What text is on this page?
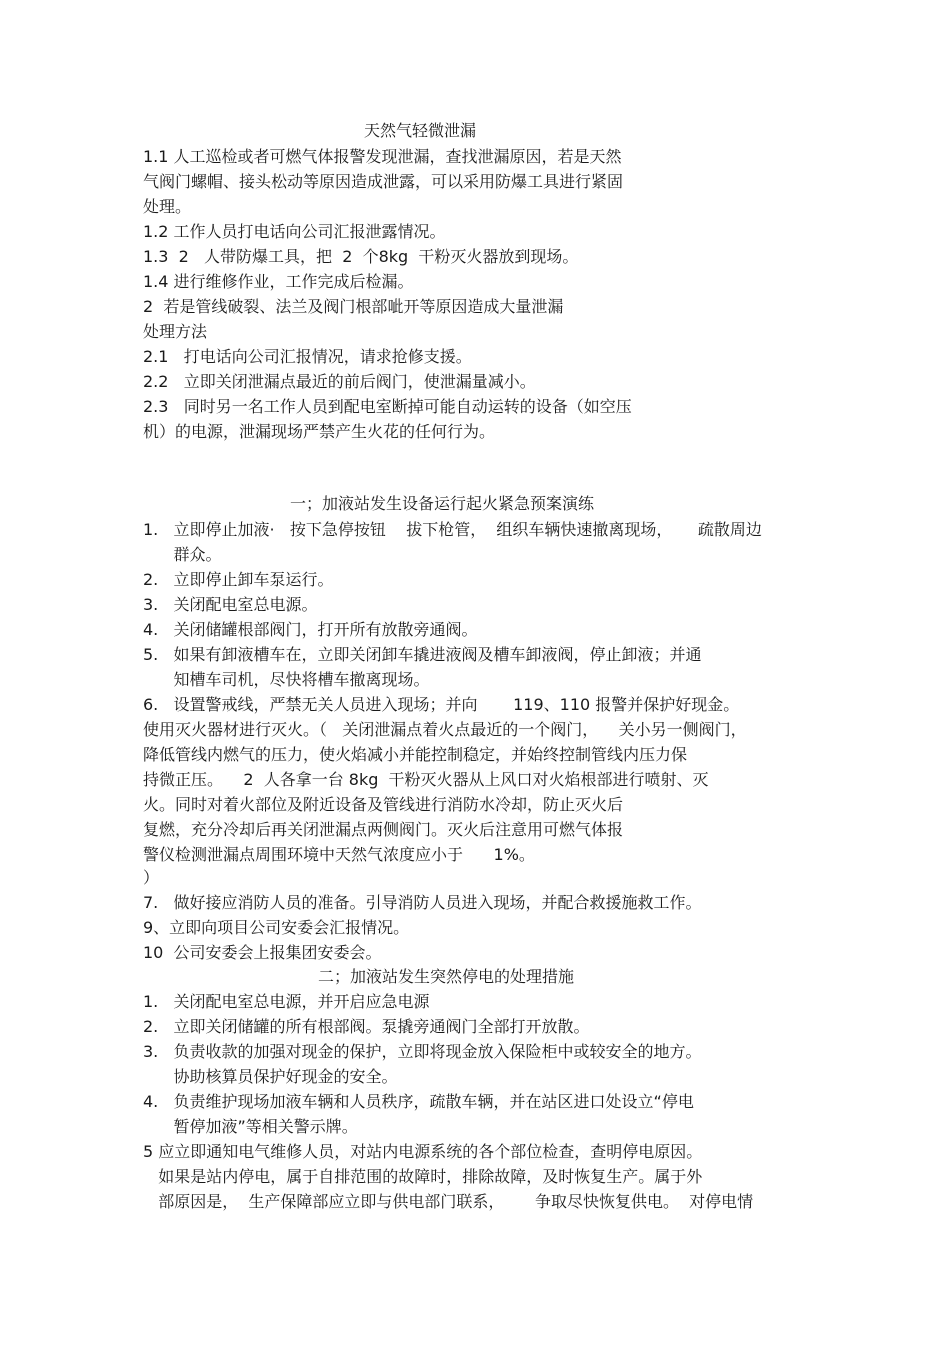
天然气轻微泄漏
1.1 人工巡检或者可燃气体报警发现泄漏，查找泄漏原因，若是天然
气阀门螺帽、接头松动等原因造成泄露，可以采用防爆工具进行紧固
处理。
1.2 工作人员打电话向公司汇报泄露情况。
1.3  2   人带防爆工具，把  2  个8kg  干粉灭火器放到现场。
1.4 进行维修作业，工作完成后检漏。
2  若是管线破裂、法兰及阀门根部呲开等原因造成大量泄漏
处理方法
2.1   打电话向公司汇报情况，请求抢修支援。
2.2   立即关闭泄漏点最近的前后阀门，使泄漏量减小。
2.3   同时另一名工作人员到配电室断掉可能自动运转的设备（如空压
机）的电源，泄漏现场严禁产生火花的任何行为。
一；加液站发生设备运行起火紧急预案演练
1.   立即停止加液·   按下急停按钮    拔下枪管，  组织车辆快速撤离现场，     疏散周边
群众。
2.   立即停止卸车泵运行。
3.   关闭配电室总电源。
4.   关闭储罐根部阀门，打开所有放散旁通阀。
5.   如果有卸液槽车在，立即关闭卸车撬进液阀及槽车卸液阀，停止卸液；并通
知槽车司机，尽快将槽车撤离现场。
6.   设置警戒线，严禁无关人员进入现场；并向       119、110 报警并保护好现金。
使用灭火器材进行灭火。（   关闭泄漏点着火点最近的一个阀门，    关小另一侧阀门，
降低管线内燃气的压力，使火焰减小并能控制稳定，并始终控制管线内压力保
持微正压。    2  人各拿一台 8kg  干粉灭火器从上风口对火焰根部进行喷射、灭
火。同时对着火部位及附近设备及管线进行消防水冷却，防止灭火后
复燃，充分冷却后再关闭泄漏点两侧阀门。灭火后注意用可燃气体报
警仪检测泄漏点周围环境中天然气浓度应小于      1%。
）
7.   做好接应消防人员的准备。引导消防人员进入现场，并配合救援施救工作。
9、立即向项目公司安委会汇报情况。
10  公司安委会上报集团安委会。
二；加液站发生突然停电的处理措施
1.   关闭配电室总电源，并开启应急电源
2.   立即关闭储罐的所有根部阀。泵撬旁通阀门全部打开放散。
3.   负责收款的加强对现金的保护，立即将现金放入保险柜中或较安全的地方。
协助核算员保护好现金的安全。
4.   负责维护现场加液车辆和人员秩序，疏散车辆，并在站区进口处设立“停电
暂停加液”等相关警示牌。
5 应立即通知电气维修人员，对站内电源系统的各个部位检查，查明停电原因。
如果是站内停电，属于自排范围的故障时，排除故障，及时恢复生产。属于外
部原因是，  生产保障部应立即与供电部门联系，      争取尽快恢复供电。  对停电情
